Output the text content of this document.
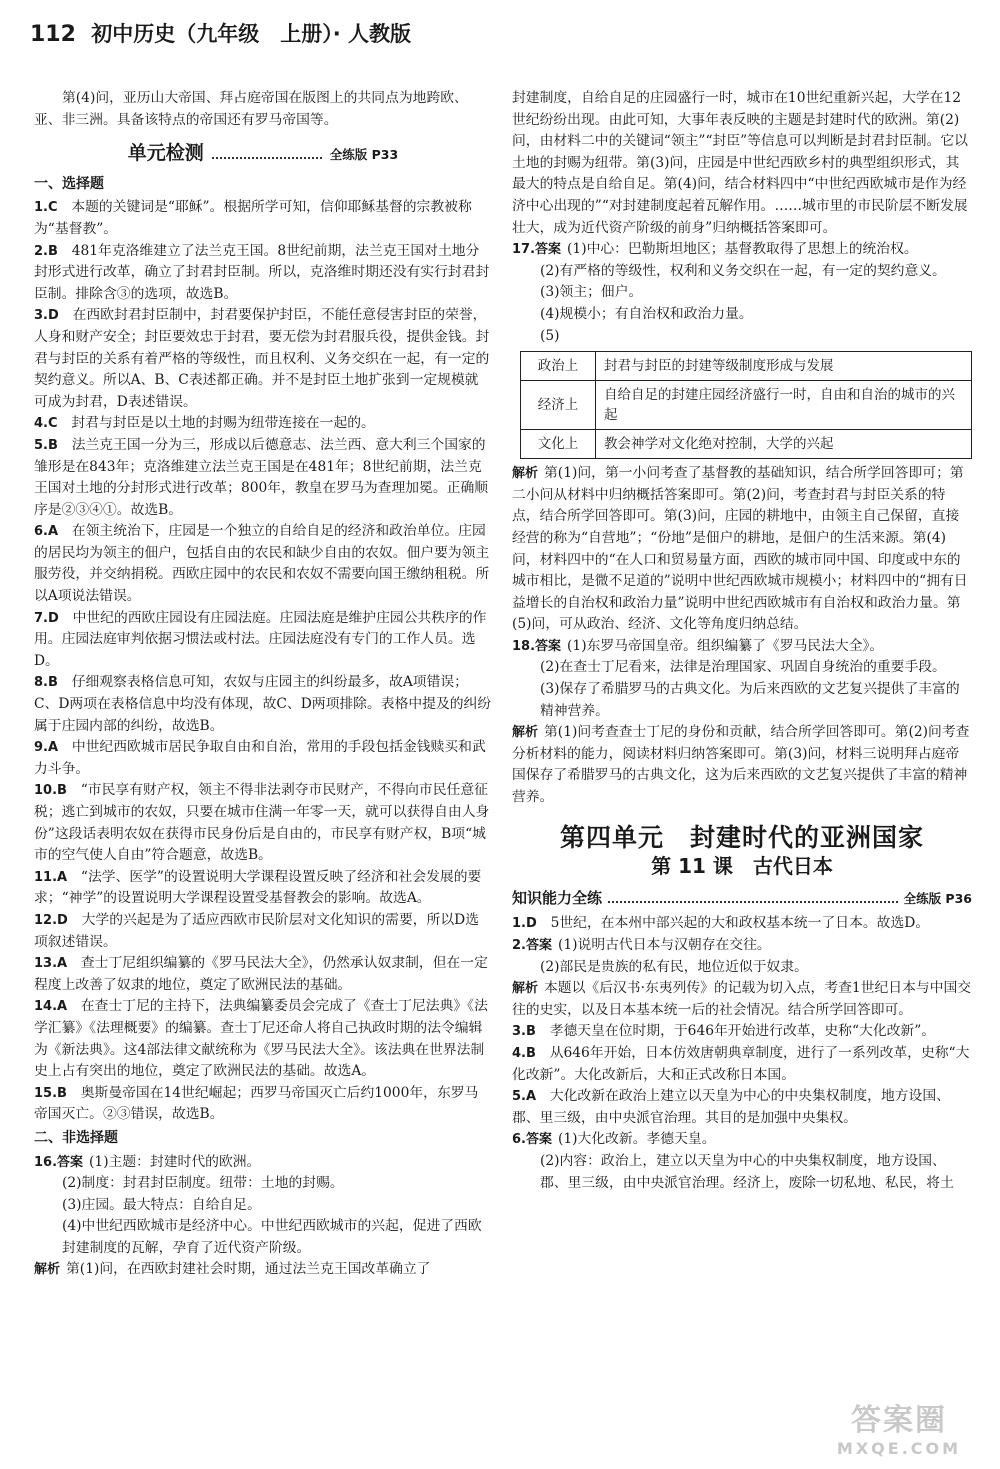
112 初中历史（九年级　上册）· 人教版

第(4)问，亚历山大帝国、拜占庭帝国在版图上的共同点为地跨欧、亚、非三洲。具备该特点的帝国还有罗马帝国等。

单元检测	全练版 P33
一、选择题

1.C　 本题的关键词是“耶稣”。根据所学可知，信仰耶稣基督的宗教被称为“基督教”。

2.B　 481年克洛维建立了法兰克王国。8世纪前期，法兰克王国对土地分封形式进行改革，确立了封君封臣制。所以，克洛维时期还没有实行封君封臣制。排除含③的选项，故选B。

3.D　 在西欧封君封臣制中，封君要保护封臣，不能任意侵害封臣的荣誉，人身和财产安全；封臣要效忠于封君，要无偿为封君服兵役，提供金钱。封君与封臣的关系有着严格的等级性，而且权利、义务交织在一起，有一定的契约意义。所以A、B、C表述都正确。并不是封臣土地扩张到一定规模就可成为封君，D表述错误。

4.C　 封君与封臣是以土地的封赐为纽带连接在一起的。

5.B　 法兰克王国一分为三，形成以后德意志、法兰西、意大利三个国家的雏形是在843年；克洛维建立法兰克王国是在481年；8世纪前期，法兰克王国对土地的分封形式进行改革；800年，教皇在罗马为查理加冕。正确顺序是②③④①。故选B。

6.A　 在领主统治下，庄园是一个独立的自给自足的经济和政治单位。庄园的居民均为领主的佃户，包括自由的农民和缺少自由的农奴。佃户要为领主服劳役，并交纳捐税。西欧庄园中的农民和农奴不需要向国王缴纳租税。所以A项说法错误。

7.D　 中世纪的西欧庄园设有庄园法庭。庄园法庭是维护庄园公共秩序的作用。庄园法庭审判依据习惯法或村法。庄园法庭没有专门的工作人员。选D。

8.B　 仔细观察表格信息可知，农奴与庄园主的纠纷最多，故A项错误；C、D两项在表格信息中均没有体现，故C、D两项排除。表格中提及的纠纷属于庄园内部的纠纷，故选B。

9.A　 中世纪西欧城市居民争取自由和自治，常用的手段包括金钱赎买和武力斗争。

10.B　 “市民享有财产权，领主不得非法剥夺市民财产，不得向市民任意征税；逃亡到城市的农奴，只要在城市住满一年零一天，就可以获得自由人身份”这段话表明农奴在获得市民身份后是自由的，市民享有财产权，B项“城市的空气使人自由”符合题意，故选B。

11.A　 “法学、医学”的设置说明大学课程设置反映了经济和社会发展的要求；“神学”的设置说明大学课程设置受基督教会的影响。故选A。

12.D　 大学的兴起是为了适应西欧市民阶层对文化知识的需要，所以D选项叙述错误。

13.A　 查士丁尼组织编纂的《罗马民法大全》，仍然承认奴隶制，但在一定程度上改善了奴隶的地位，奠定了欧洲民法的基础。

14.A　 在查士丁尼的主持下，法典编纂委员会完成了《查士丁尼法典》《法学汇纂》《法理概要》的编纂。查士丁尼还命人将自己执政时期的法令编辑为《新法典》。这4部法律文献统称为《罗马民法大全》。该法典在世界法制史上占有突出的地位，奠定了欧洲民法的基础。故选A。

15.B　 奥斯曼帝国在14世纪崛起；西罗马帝国灭亡后约1000年，东罗马帝国灭亡。②③错误，故选B。

二、非选择题

16.答案 (1)主题：封建时代的欧洲。

(2)制度：封君封臣制度。纽带：土地的封赐。

(3)庄园。最大特点：自给自足。

(4)中世纪西欧城市是经济中心。中世纪西欧城市的兴起，促进了西欧封建制度的瓦解，孕育了近代资产阶级。

解析 第(1)问，在西欧封建社会时期，通过法兰克王国改革确立了

封建制度，自给自足的庄园盛行一时，城市在10世纪重新兴起，大学在12世纪纷纷出现。由此可知，大事年表反映的主题是封建时代的欧洲。第(2)问，由材料二中的关键词“领主”“封臣”等信息可以判断是封君封臣制。它以土地的封赐为纽带。第(3)问，庄园是中世纪西欧乡村的典型组织形式，其最大的特点是自给自足。第(4)问，结合材料四中“中世纪西欧城市是作为经济中心出现的”“对封建制度起着瓦解作用。……城市里的市民阶层不断发展壮大，成为近代资产阶级的前身”归纳概括答案即可。

17.答案 (1)中心：巴勒斯坦地区；基督教取得了思想上的统治权。

(2)有严格的等级性，权利和义务交织在一起，有一定的契约意义。

(3)领主；佃户。

(4)规模小；有自治权和政治力量。

(5)

政治上	封君与封臣的封建等级制度形成与发展
经济上	自给自足的封建庄园经济盛行一时，自由和自治的城市的兴起
文化上	教会神学对文化绝对控制，大学的兴起

解析 第(1)问，第一小问考查了基督教的基础知识，结合所学回答即可；第二小问从材料中归纳概括答案即可。第(2)问，考查封君与封臣关系的特点，结合所学回答即可。第(3)问，庄园的耕地中，由领主自己保留，直接经营的称为“自营地”；“份地”是佃户的耕地，是佃户的生活来源。第(4)问，材料四中的“在人口和贸易量方面，西欧的城市同中国、印度或中东的城市相比，是微不足道的”说明中世纪西欧城市规模小；材料四中的“拥有日益增长的自治权和政治力量”说明中世纪西欧城市有自治权和政治力量。第(5)问，可从政治、经济、文化等角度归纳总结。

18.答案 (1)东罗马帝国皇帝。组织编纂了《罗马民法大全》。

(2)在查士丁尼看来，法律是治理国家、巩固自身统治的重要手段。

(3)保存了希腊罗马的古典文化。为后来西欧的文艺复兴提供了丰富的精神营养。

解析 第(1)问考查查士丁尼的身份和贡献，结合所学回答即可。第(2)问考查分析材料的能力，阅读材料归纳答案即可。第(3)问，材料三说明拜占庭帝国保存了希腊罗马的古典文化，这为后来西欧的文艺复兴提供了丰富的精神营养。

第四单元　封建时代的亚洲国家
第 11 课　古代日本
知识能力全练	全练版 P36

1.D　 5世纪，在本州中部兴起的大和政权基本统一了日本。故选D。

2.答案 (1)说明古代日本与汉朝存在交往。

(2)部民是贵族的私有民，地位近似于奴隶。

解析 本题以《后汉书·东夷列传》的记载为切入点，考查1世纪日本与中国交往的史实，以及日本基本统一后的社会情况。结合所学回答即可。

3.B　 孝德天皇在位时期，于646年开始进行改革，史称“大化改新”。

4.B　 从646年开始，日本仿效唐朝典章制度，进行了一系列改革，史称“大化改新”。大化改新后，大和正式改称日本国。

5.A　 大化改新在政治上建立以天皇为中心的中央集权制度，地方设国、郡、里三级，由中央派官治理。其目的是加强中央集权。

6.答案 (1)大化改新。孝德天皇。

(2)内容：政治上，建立以天皇为中心的中央集权制度，地方设国、郡、里三级，由中央派官治理。经济上，废除一切私地、私民，将土

答案圈
MXQE.COM
